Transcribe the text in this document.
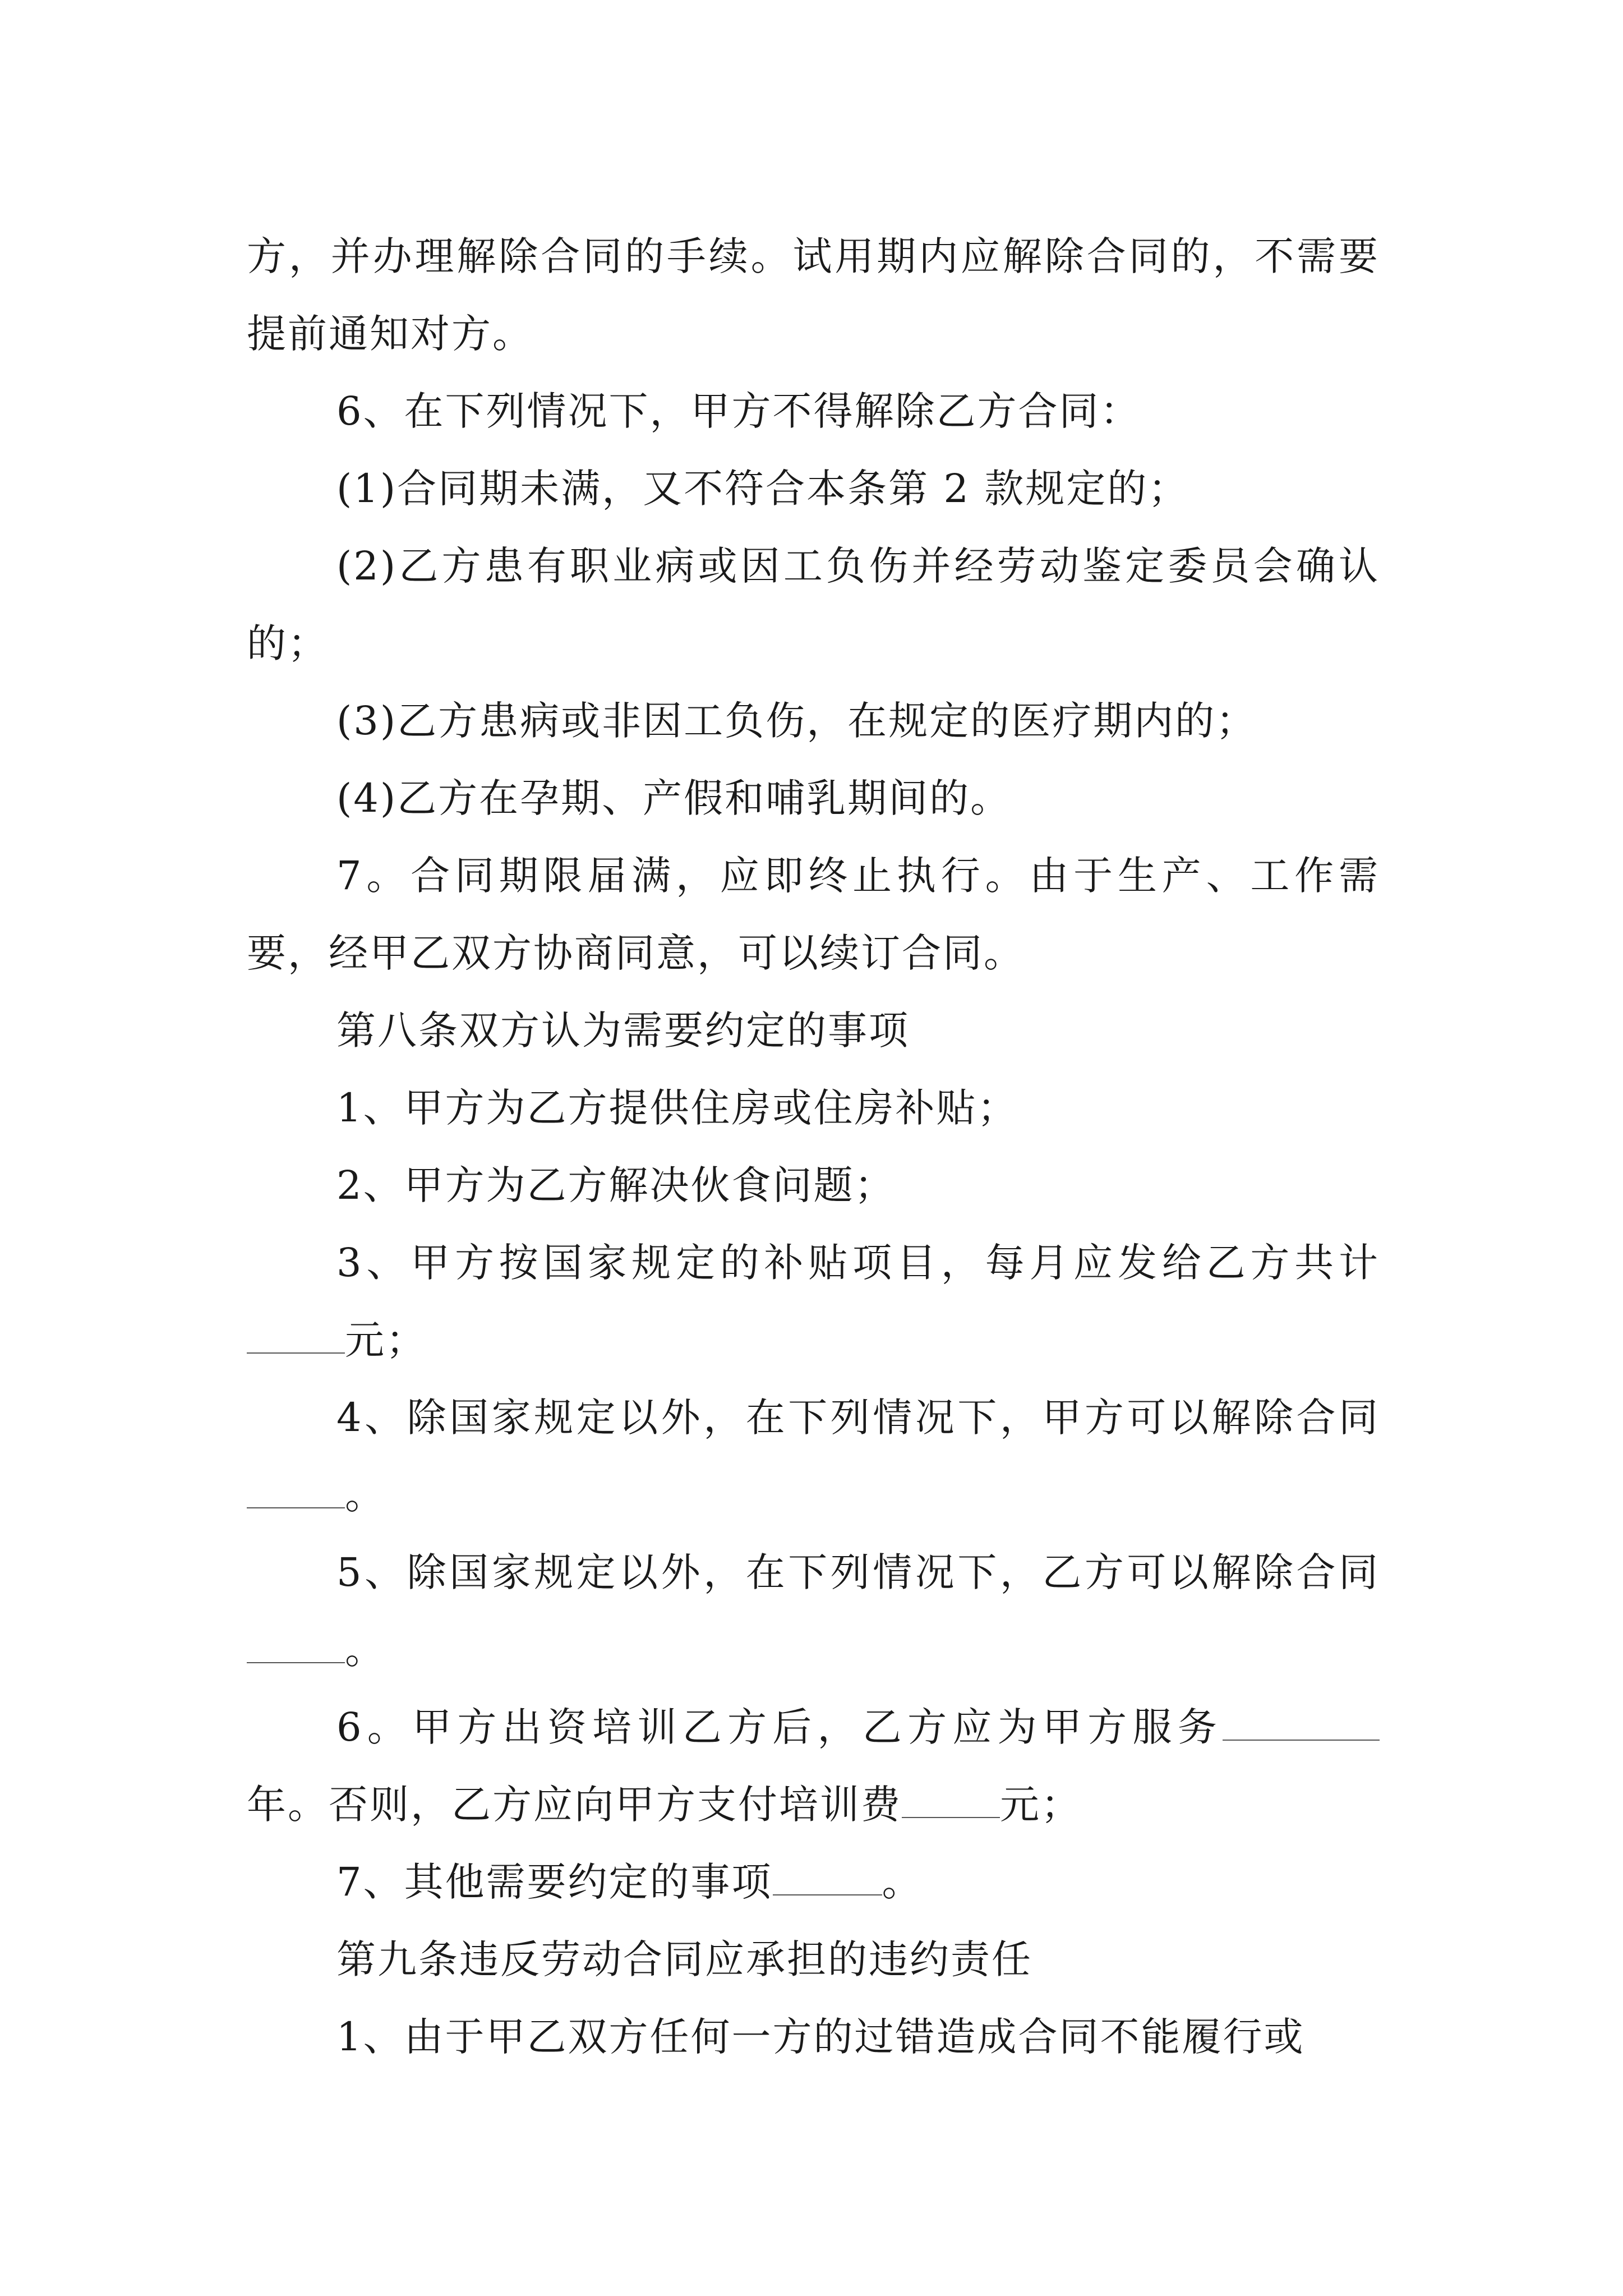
方，并办理解除合同的手续。试用期内应解除合同的，不需要提前通知对方。

6、在下列情况下，甲方不得解除乙方合同：

(1)合同期未满，又不符合本条第 2 款规定的；

(2)乙方患有职业病或因工负伤并经劳动鉴定委员会确认的；

(3)乙方患病或非因工负伤，在规定的医疗期内的；

(4)乙方在孕期、产假和哺乳期间的。

7。合同期限届满，应即终止执行。由于生产、工作需要，经甲乙双方协商同意，可以续订合同。

第八条双方认为需要约定的事项

1、甲方为乙方提供住房或住房补贴；

2、甲方为乙方解决伙食问题；

3、甲方按国家规定的补贴项目，每月应发给乙方共计元；

4、除国家规定以外，在下列情况下，甲方可以解除合同。

5、除国家规定以外，在下列情况下，乙方可以解除合同。

6。甲方出资培训乙方后，乙方应为甲方服务年。否则，乙方应向甲方支付培训费	元；

7、其他需要约定的事项	。

第九条违反劳动合同应承担的违约责任

1、由于甲乙双方任何一方的过错造成合同不能履行或
